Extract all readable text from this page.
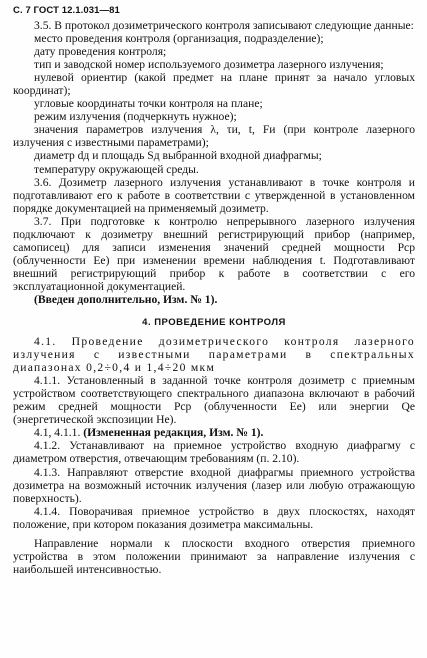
С. 7 ГОСТ 12.1.031—81

3.5. В протокол дозиметрического контроля записывают следующие данные:

место проведения контроля (организация, подразделение);

дату проведения контроля;

тип и заводской номер используемого дозиметра лазерного излучения;

нулевой ориентир (какой предмет на плане принят за начало угловых координат);

угловые координаты точки контроля на плане;

режим излучения (подчеркнуть нужное);

значения параметров излучения λ, τи, t, Fи (при контроле лазерного излучения с известными параметрами);

диаметр dд и площадь Sд выбранной входной диафрагмы;

температуру окружающей среды.

3.6. Дозиметр лазерного излучения устанавливают в точке контроля и подготавливают его к работе в соответствии с утвержденной в установленном порядке документацией на применяемый дозиметр.

3.7. При подготовке к контролю непрерывного лазерного излучения подключают к дозиметру внешний регистрирующий прибор (например, самописец) для записи изменения значений средней мощности Pср (облученности Eе) при изменении времени наблюдения t. Подготавливают внешний регистрирующий прибор к работе в соответствии с его эксплуатационной документацией.

(Введен дополнительно, Изм. № 1).

4. ПРОВЕДЕНИЕ КОНТРОЛЯ

4.1. Проведение дозиметрического контроля лазерного излучения с известными параметрами в спектральных диапазонах 0,2÷0,4 и 1,4÷20 мкм

4.1.1. Установленный в заданной точке контроля дозиметр с приемным устройством соответствующего спектрального диапазона включают в рабочий режим средней мощности Pср (облученности Eе) или энергии Qе (энергетической экспозиции Hе).

4.1, 4.1.1. (Измененная редакция, Изм. № 1).

4.1.2. Устанавливают на приемное устройство входную диафрагму с диаметром отверстия, отвечающим требованиям (п. 2.10).

4.1.3. Направляют отверстие входной диафрагмы приемного устройства дозиметра на возможный источник излучения (лазер или любую отражающую поверхность).

4.1.4. Поворачивая приемное устройство в двух плоскостях, находят положение, при котором показания дозиметра максимальны.

Направление нормали к плоскости входного отверстия приемного устройства в этом положении принимают за направление излучения с наибольшей интенсивностью.
